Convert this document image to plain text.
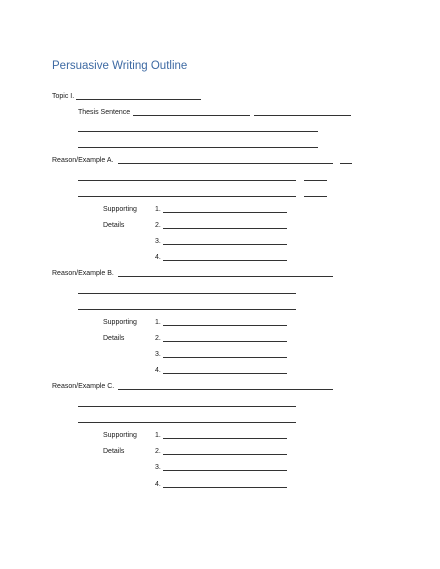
Persuasive Writing Outline
Topic I.
Thesis Sentence
Reason/Example A.
Supporting
Details
1.
2.
3.
4.
Reason/Example B.
Supporting
Details
1.
2.
3.
4.
Reason/Example C.
Supporting
Details
1.
2.
3.
4.
